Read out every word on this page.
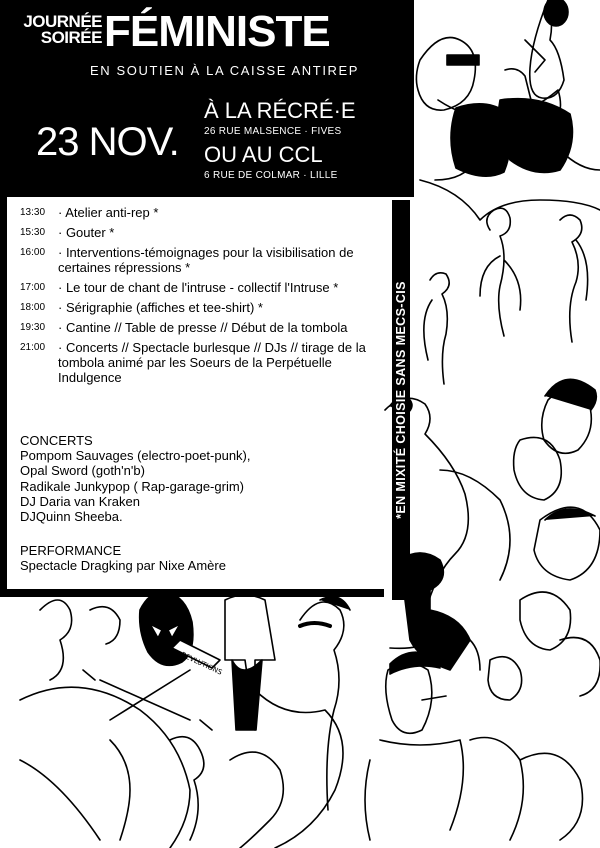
REVLUTIONS
JOURNÉE
SOIRÉE FÉMINISTE
EN SOUTIEN À LA CAISSE ANTIREP
23 NOV.
À LA RÉCRÉ·E
26 RUE MALSENCE · FIVES
OU AU CCL
6 RUE DE COLMAR · LILLE
13:30 · Atelier anti-rep *
15:30 · Gouter *
16:00 · Interventions-témoignages pour la visibilisation de certaines répressions *
17:00 · Le tour de chant de l'intruse - collectif l'Intruse *
18:00 · Sérigraphie (affiches et tee-shirt) *
19:30 · Cantine // Table de presse // Début de la tombola
21:00 · Concerts // Spectacle burlesque // DJs // tirage de la tombola animé par les Soeurs de la Perpétuelle Indulgence
CONCERTS
Pompom Sauvages (electro-poet-punk),
Opal Sword (goth'n'b)
Radikale Junkypop ( Rap-garage-grim)
DJ Daria van Kraken
DJQuinn Sheeba.
PERFORMANCE
Spectacle Dragking par Nixe Amère
*EN MIXITÉ CHOISIE SANS MECS-CIS
